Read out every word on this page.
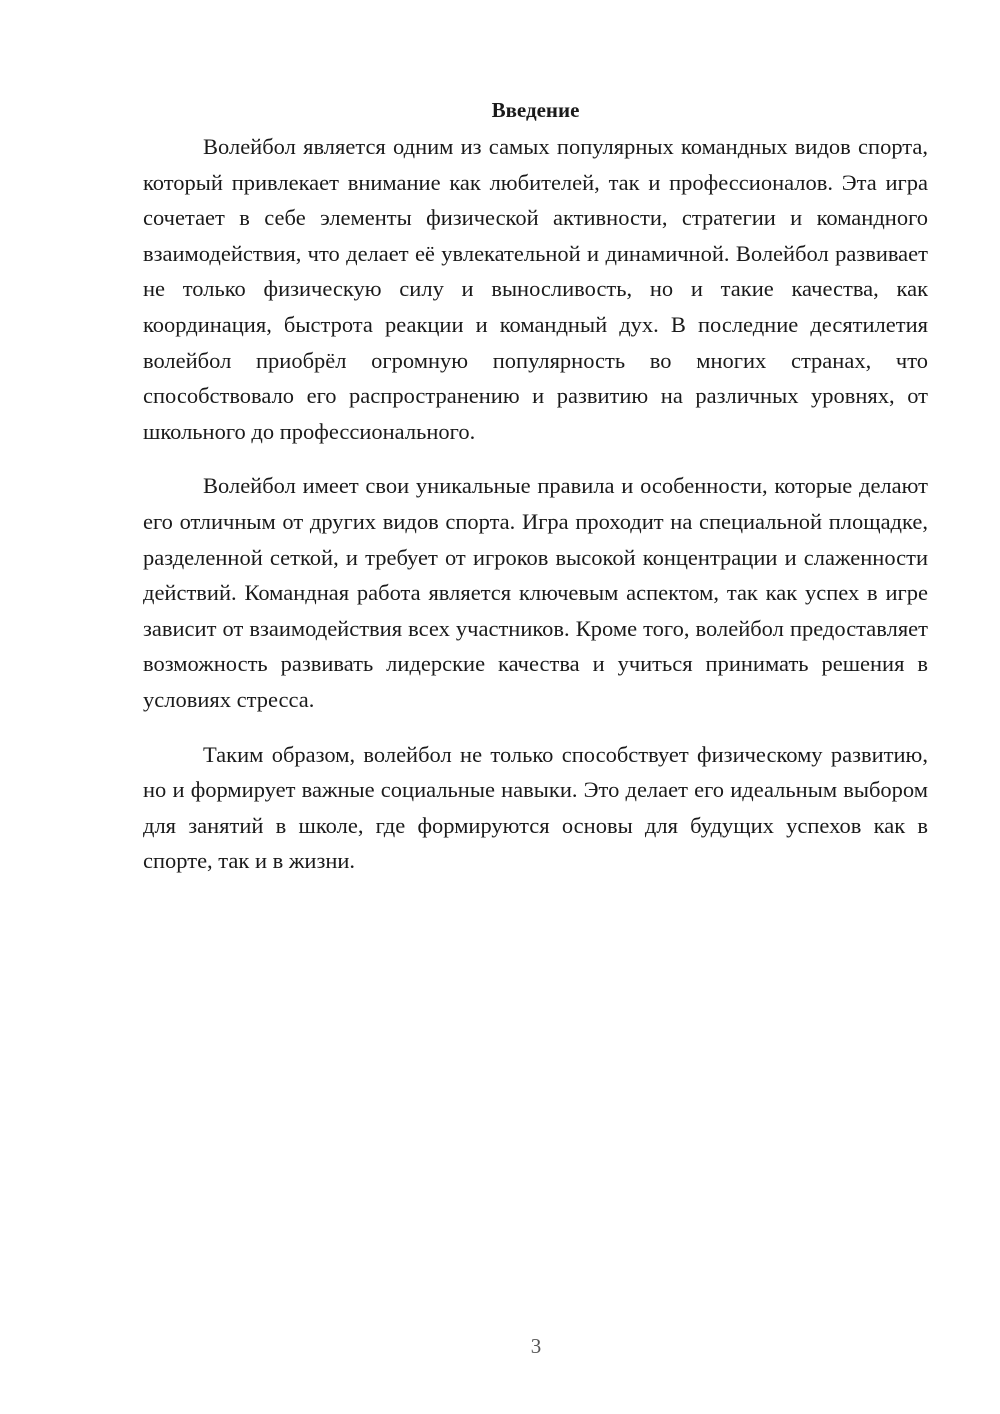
Введение

Волейбол является одним из самых популярных командных видов спорта, который привлекает внимание как любителей, так и профессионалов. Эта игра сочетает в себе элементы физической активности, стратегии и командного взаимодействия, что делает её увлекательной и динамичной. Волейбол развивает не только физическую силу и выносливость, но и такие качества, как координация, быстрота реакции и командный дух. В последние десятилетия волейбол приобрёл огромную популярность во многих странах, что способствовало его распространению и развитию на различных уровнях, от школьного до профессионального.

Волейбол имеет свои уникальные правила и особенности, которые делают его отличным от других видов спорта. Игра проходит на специальной площадке, разделенной сеткой, и требует от игроков высокой концентрации и слаженности действий. Командная работа является ключевым аспектом, так как успех в игре зависит от взаимодействия всех участников. Кроме того, волейбол предоставляет возможность развивать лидерские качества и учиться принимать решения в условиях стресса.

Таким образом, волейбол не только способствует физическому развитию, но и формирует важные социальные навыки. Это делает его идеальным выбором для занятий в школе, где формируются основы для будущих успехов как в спорте, так и в жизни.

3
